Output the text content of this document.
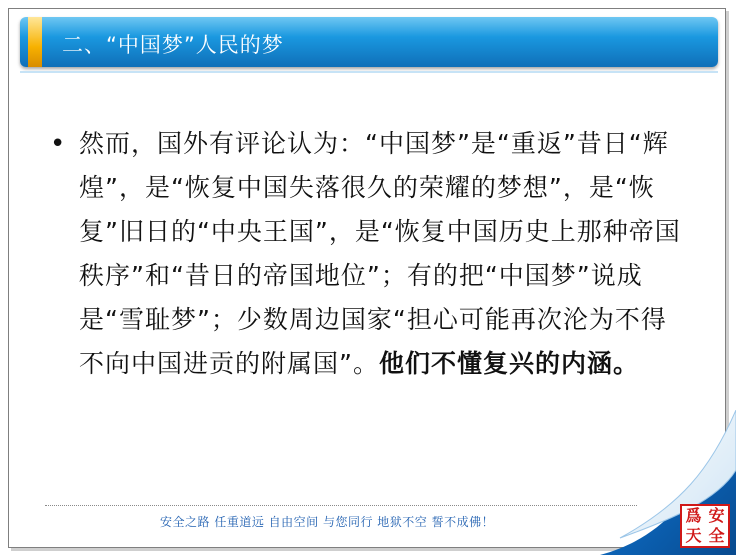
二、“中国梦”人民的梦
• 然而，国外有评论认为：“中国梦”是“重返”昔日“辉煌”，是“恢复中国失落很久的荣耀的梦想”，是“恢复”旧日的“中央王国”，是“恢复中国历史上那种帝国秩序”和“昔日的帝国地位”；有的把“中国梦”说成是“雪耻梦”；少数周边国家“担心可能再次沦为不得不向中国进贡的附属国”。他们不懂复兴的内涵。
安全之路 任重道远 自由空间 与您同行 地狱不空 誓不成佛！	爲 安
天 全
